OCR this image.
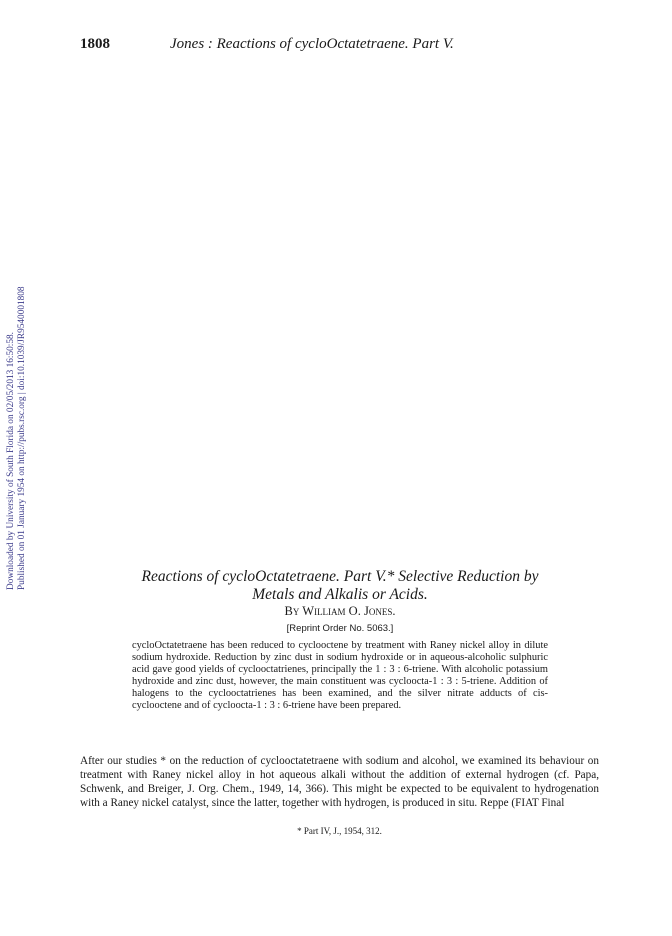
1808	Jones : Reactions of cycloOctatetraene. Part V.
Downloaded by University of South Florida on 02/05/2013 16:50:58. Published on 01 January 1954 on http://pubs.rsc.org | doi:10.1039/JR9540001808	Reactions of cycloOctatetraene. Part V.* Selective Reduction by
Metals and Alkalis or Acids.
By William O. Jones.
[Reprint Order No. 5063.]

cycloOctatetraene has been reduced to cyclooctene by treatment with Raney nickel alloy in dilute sodium hydroxide. Reduction by zinc dust in sodium hydroxide or in aqueous-alcoholic sulphuric acid gave good yields of cyclooctatrienes, principally the 1 : 3 : 6-triene. With alcoholic potassium hydroxide and zinc dust, however, the main constituent was cycloocta-1 : 3 : 5-triene. Addition of halogens to the cyclooctatrienes has been examined, and the silver nitrate adducts of cis-cyclooctene and of cycloocta-1 : 3 : 6-triene have been prepared.

After our studies * on the reduction of cyclooctatetraene with sodium and alcohol, we examined its behaviour on treatment with Raney nickel alloy in hot aqueous alkali without the addition of external hydrogen (cf. Papa, Schwenk, and Breiger, J. Org. Chem., 1949, 14, 366). This might be expected to be equivalent to hydrogenation with a Raney nickel catalyst, since the latter, together with hydrogen, is produced in situ. Reppe (FIAT Final

* Part IV, J., 1954, 312.
